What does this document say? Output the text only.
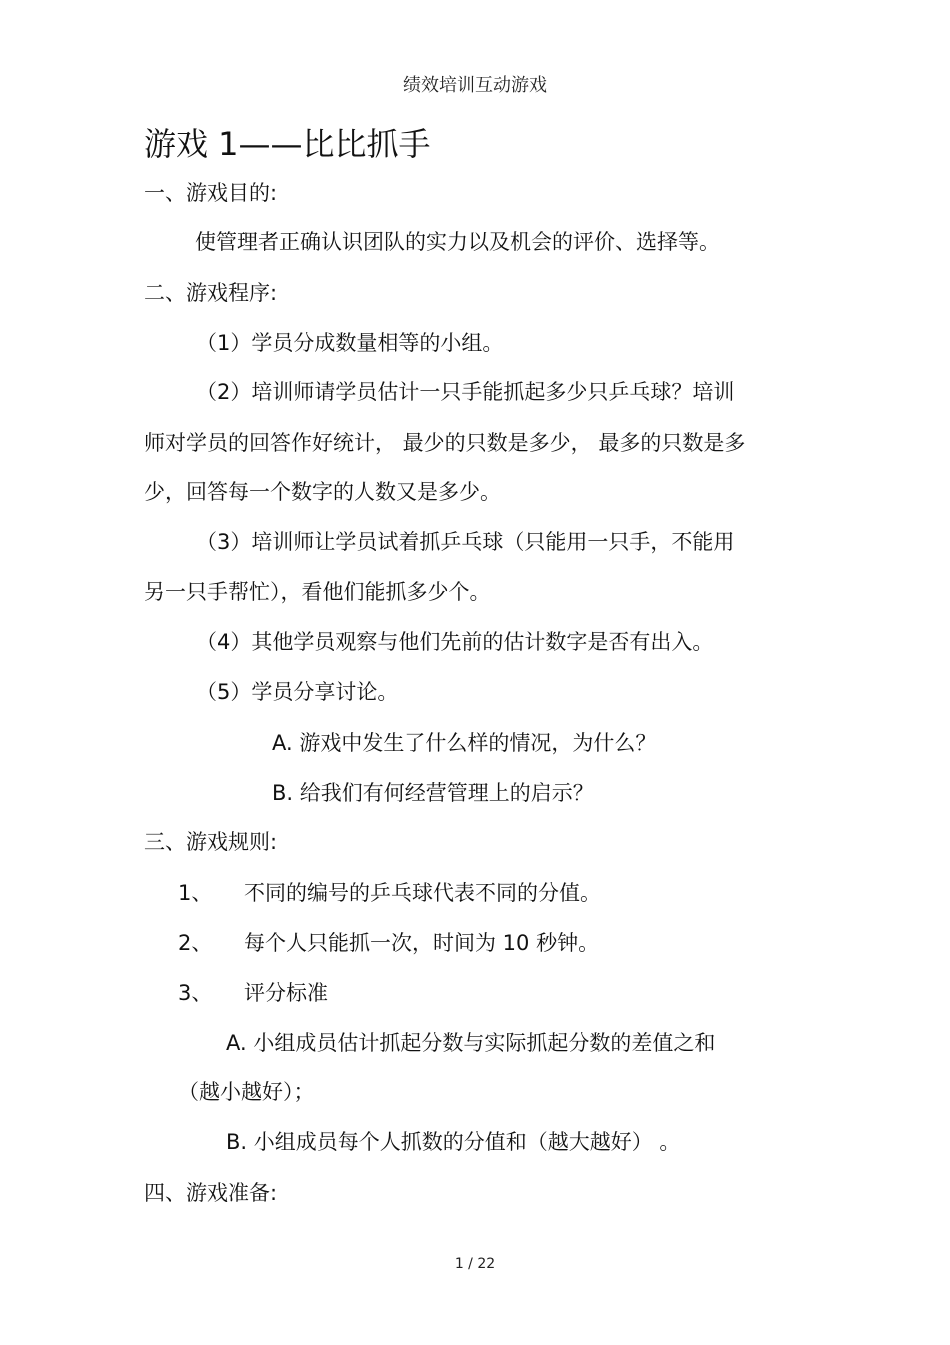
绩效培训互动游戏
游戏 1——比比抓手
一、游戏目的:
使管理者正确认识团队的实力以及机会的评价、选择等。
二、游戏程序:
（1）学员分成数量相等的小组。
（2）培训师请学员估计一只手能抓起多少只乒乓球？培训
师对学员的回答作好统计， 最少的只数是多少， 最多的只数是多
少，回答每一个数字的人数又是多少。
（3）培训师让学员试着抓乒乓球（只能用一只手，不能用
另一只手帮忙），看他们能抓多少个。
（4）其他学员观察与他们先前的估计数字是否有出入。
（5）学员分享讨论。
A. 游戏中发生了什么样的情况，为什么？
B. 给我们有何经营管理上的启示？
三、游戏规则:
1、 不同的编号的乒乓球代表不同的分值。
2、 每个人只能抓一次，时间为 10 秒钟。
3、 评分标准
A. 小组成员估计抓起分数与实际抓起分数的差值之和
（越小越好）；
B. 小组成员每个人抓数的分值和（越大越好） 。
四、游戏准备:
1 / 22
